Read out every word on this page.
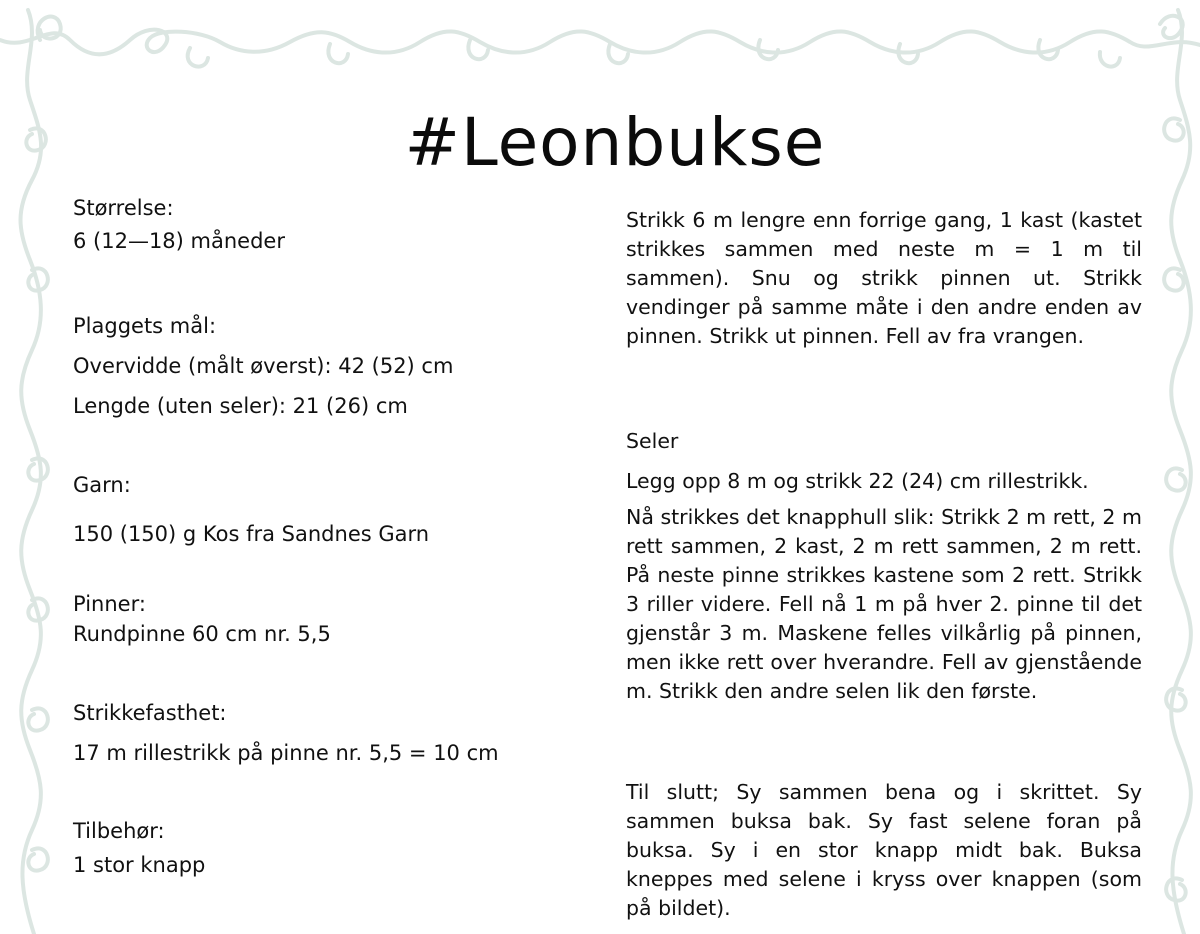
#Leonbukse
Størrelse:
6 (12—18) måneder
Plaggets mål:
Overvidde (målt øverst): 42 (52) cm
Lengde (uten seler): 21 (26) cm
Garn:
150 (150) g Kos fra Sandnes Garn
Pinner:
Rundpinne 60 cm nr. 5,5
Strikkefasthet:
17 m rillestrikk på pinne nr. 5,5 = 10 cm
Tilbehør:
1 stor knapp
Strikk 6 m lengre enn forrige gang, 1 kast (kastet strikkes sammen med neste m = 1 m til sammen). Snu og strikk pinnen ut. Strikk vendinger på samme måte i den andre enden av pinnen. Strikk ut pinnen. Fell av fra vrangen.
Seler
Legg opp 8 m og strikk 22 (24) cm rillestrikk.
Nå strikkes det knapphull slik: Strikk 2 m rett, 2 m rett sammen, 2 kast, 2 m rett sammen, 2 m rett. På neste pinne strikkes kastene som 2 rett. Strikk 3 riller videre. Fell nå 1 m på hver 2. pinne til det gjenstår 3 m. Maskene felles vilkårlig på pinnen, men ikke rett over hverandre. Fell av gjenstående m. Strikk den andre selen lik den første.
Til slutt; Sy sammen bena og i skrittet. Sy sammen buksa bak. Sy fast selene foran på buksa. Sy i en stor knapp midt bak. Buksa kneppes med selene i kryss over knappen (som på bildet).
